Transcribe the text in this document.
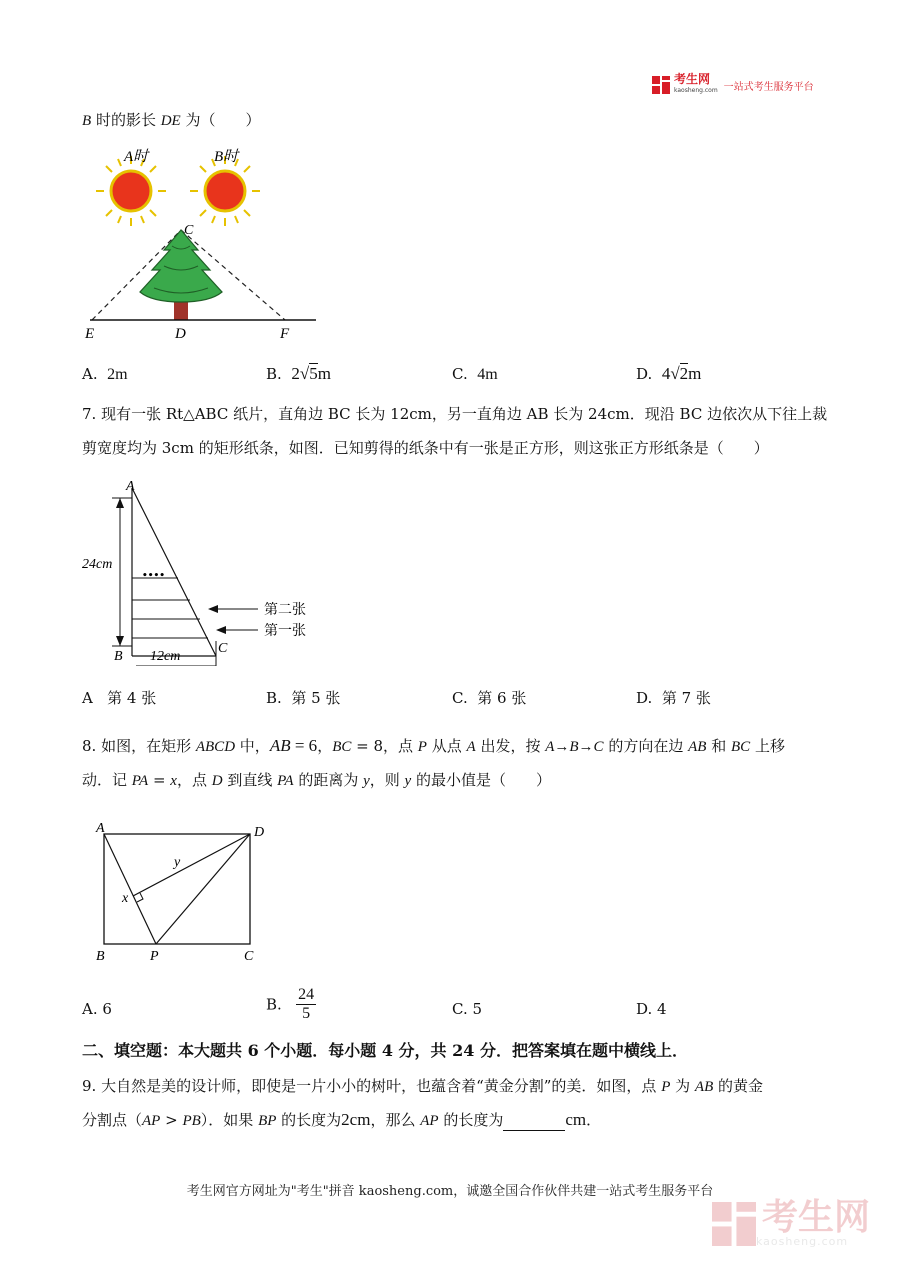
考生网
kaosheng.com 一站式考生服务平台
B 时的影长 DE 为（　　）
A时	B时
C
E	D	F
A. 2m	B. 2√5m	C. 4m	D. 4√2m
7. 现有一张 Rt△ABC 纸片，直角边 BC 长为 12cm，另一直角边 AB 长为 24cm．现沿 BC 边依次从下往上裁
剪宽度均为 3cm 的矩形纸条，如图．已知剪得的纸条中有一张是正方形，则这张正方形纸条是（　　）
A
B
C
24cm
12cm
••••
第二张
第一张
A 第 4 张	B. 第 5 张	C. 第 6 张	D. 第 7 张
8. 如图，在矩形 ABCD 中，AB = 6，BC = 8，点 P 从点 A 出发，按 A→B→C 的方向在边 AB 和 BC 上移
动．记 PA = x，点 D 到直线 PA 的距离为 y，则 y 的最小值是（　　）
A	D
B	P	C
x
y
A. 6	B. $\frac{24}{5}$	C. 5	D. 4
二、填空题：本大题共 6 个小题．每小题 4 分，共 24 分．把答案填在题中横线上．
9. 大自然是美的设计师，即使是一片小小的树叶，也蕴含着“黄金分割”的美．如图，点 P 为 AB 的黄金
分割点（AP > PB）．如果 BP 的长度为2cm，那么 AP 的长度为	cm．
考生网官方网址为"考生"拼音 kaosheng.com，诚邀全国合作伙伴共建一站式考生服务平台
考生网
kaosheng.com
